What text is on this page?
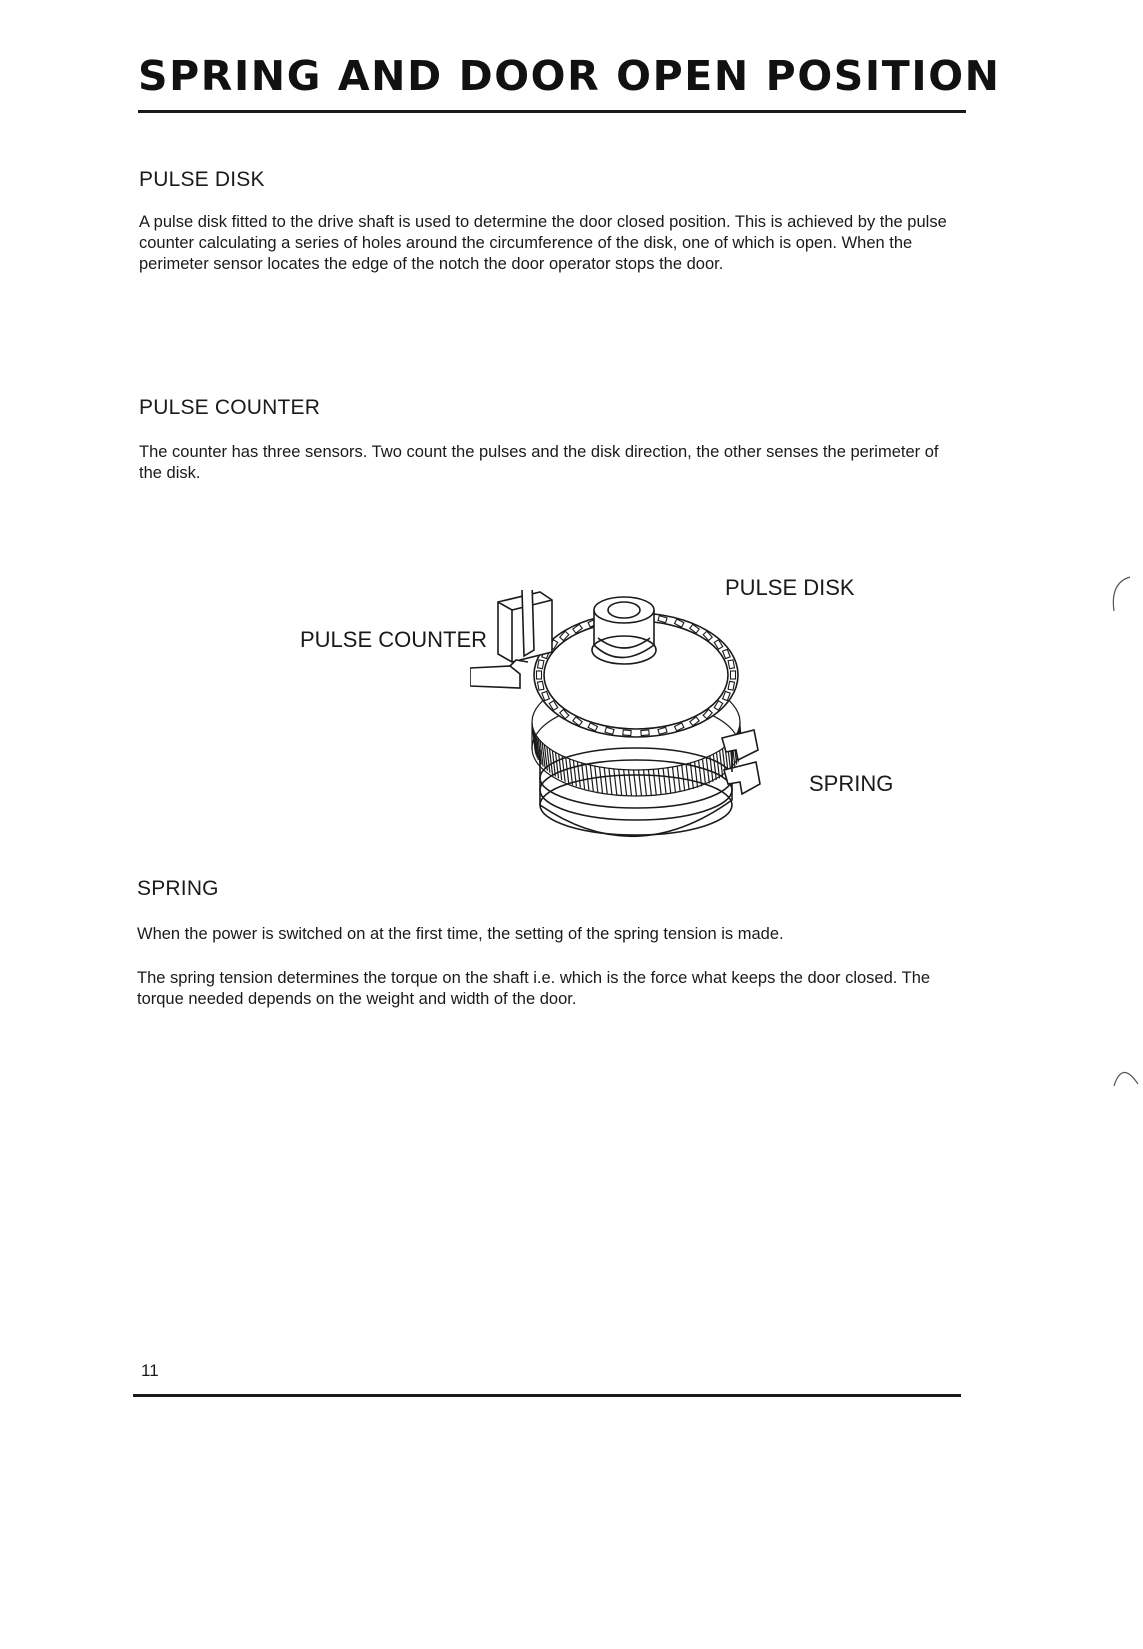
SPRING AND DOOR OPEN POSITION
PULSE DISK

A pulse disk fitted to the drive shaft is used to determine the door closed position. This is achieved by the pulse counter calculating a series of holes around the circumference of the disk, one of which is open. When the perimeter sensor locates the edge of the notch the door operator stops the door.

PULSE COUNTER

The counter has three sensors. Two count the pulses and the disk direction, the other senses the perimeter of the disk.

PULSE COUNTER
PULSE DISK
SPRING
SPRING

When the power is switched on at the first time, the setting of the spring tension is made.

The spring tension determines the torque on the shaft i.e. which is the force what keeps the door closed. The torque needed depends on the weight and width of the door.

11
